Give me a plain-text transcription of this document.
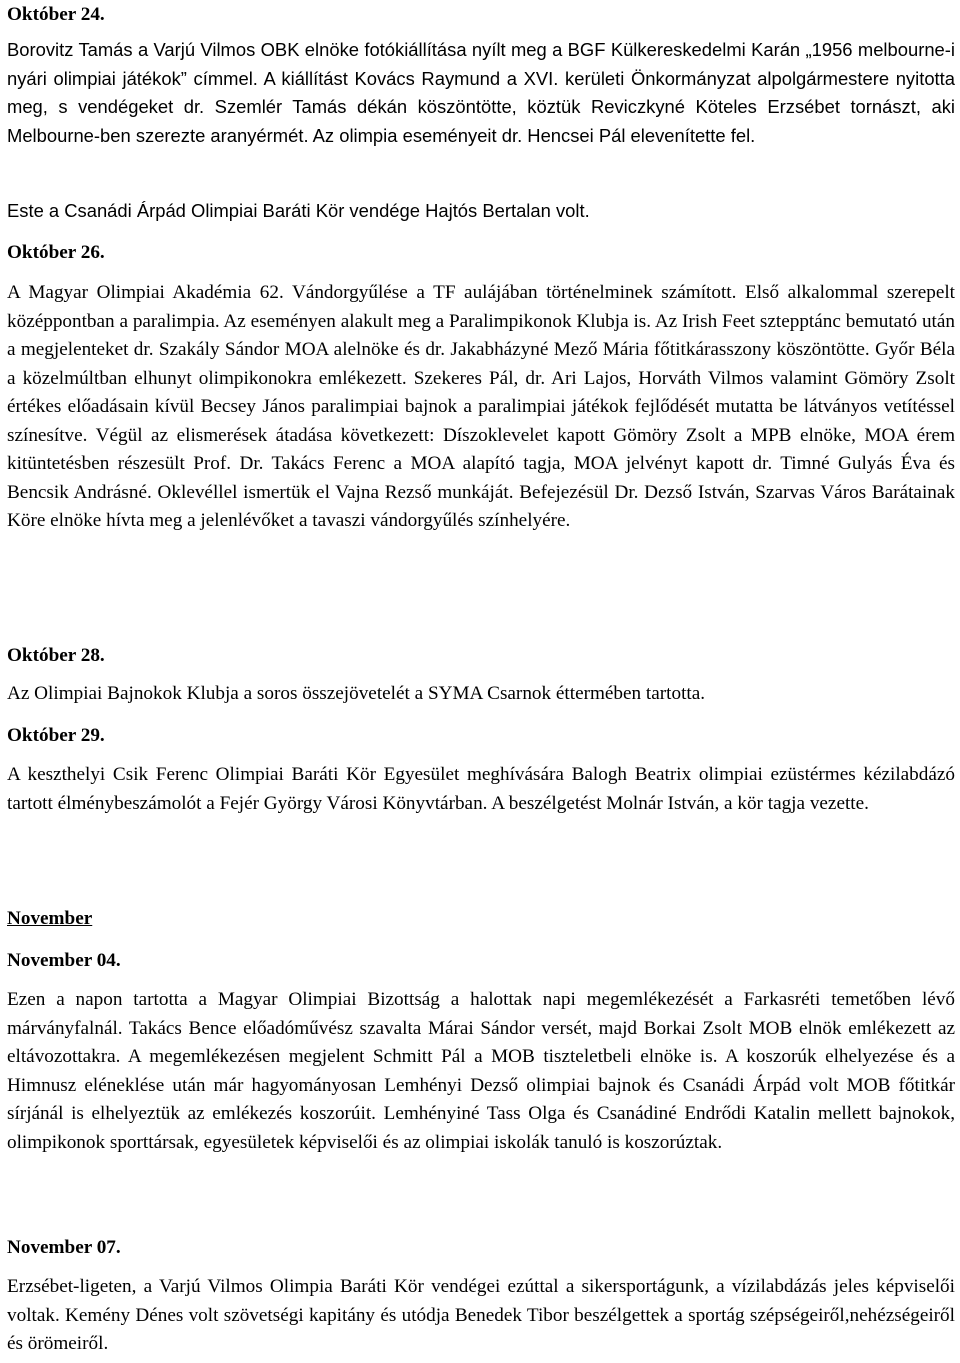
Október 24.

Borovitz Tamás a Varjú Vilmos OBK elnöke fotókiállítása nyílt meg a BGF Külkereskedelmi Karán „1956 melbourne-i nyári olimpiai játékok” címmel. A kiállítást Kovács Raymund a XVI. kerületi Önkormányzat alpolgármestere nyitotta meg, s vendégeket dr. Szemlér Tamás dékán köszöntötte, köztük Reviczkyné Köteles Erzsébet tornászt, aki Melbourne-ben szerezte aranyérmét. Az olimpia eseményeit dr. Hencsei Pál elevenítette fel.

Este a Csanádi Árpád Olimpiai Baráti Kör vendége Hajtós Bertalan volt.

Október 26.

A Magyar Olimpiai Akadémia 62. Vándorgyűlése a TF aulájában történelminek számított. Első alkalommal szerepelt középpontban a paralimpia. Az eseményen alakult meg a Paralimpikonok Klubja is. Az Irish Feet sztepptánc bemutató után a megjelenteket dr. Szakály Sándor MOA alelnöke és dr. Jakabházyné Mező Mária főtitkárasszony köszöntötte. Győr Béla a közelmúltban elhunyt olimpikonokra emlékezett. Szekeres Pál, dr. Ari Lajos, Horváth Vilmos valamint Gömöry Zsolt értékes előadásain kívül Becsey János paralimpiai bajnok a paralimpiai játékok fejlődését mutatta be látványos vetítéssel színesítve. Végül az elismerések átadása következett: Díszoklevelet kapott Gömöry Zsolt a MPB elnöke, MOA érem kitüntetésben részesült Prof. Dr. Takács Ferenc a MOA alapító tagja, MOA jelvényt kapott dr. Timné Gulyás Éva és Bencsik Andrásné. Oklevéllel ismertük el Vajna Rezső munkáját. Befejezésül Dr. Dezső István, Szarvas Város Barátainak Köre elnöke hívta meg a jelenlévőket a tavaszi vándorgyűlés színhelyére.

Október 28.

Az Olimpiai Bajnokok Klubja a soros összejövetelét a SYMA Csarnok éttermében tartotta.

Október 29.

A keszthelyi Csik Ferenc Olimpiai Baráti Kör Egyesület meghívására Balogh Beatrix olimpiai ezüstérmes kézilabdázó tartott élménybeszámolót a Fejér György Városi Könyvtárban. A beszélgetést Molnár István, a kör tagja vezette.

November
November 04.

Ezen a napon tartotta a Magyar Olimpiai Bizottság a halottak napi megemlékezését a Farkasréti temetőben lévő márványfalnál. Takács Bence előadóművész szavalta Márai Sándor versét, majd Borkai Zsolt MOB elnök emlékezett az eltávozottakra. A megemlékezésen megjelent Schmitt Pál a MOB tiszteletbeli elnöke is. A koszorúk elhelyezése és a Himnusz eléneklése után már hagyományosan Lemhényi Dezső olimpiai bajnok és Csanádi Árpád volt MOB főtitkár sírjánál is elhelyeztük az emlékezés koszorúit. Lemhényiné Tass Olga és Csanádiné Endrődi Katalin mellett bajnokok, olimpikonok sporttársak, egyesületek képviselői és az olimpiai iskolák tanuló is koszorúztak.

November 07.

Erzsébet-ligeten, a Varjú Vilmos Olimpia Baráti Kör vendégei ezúttal a sikersportágunk, a vízilabdázás jeles képviselői voltak. Kemény Dénes volt szövetségi kapitány és utódja Benedek Tibor beszélgettek a sportág szépségeiről,nehézségeiről és örömeiről.
